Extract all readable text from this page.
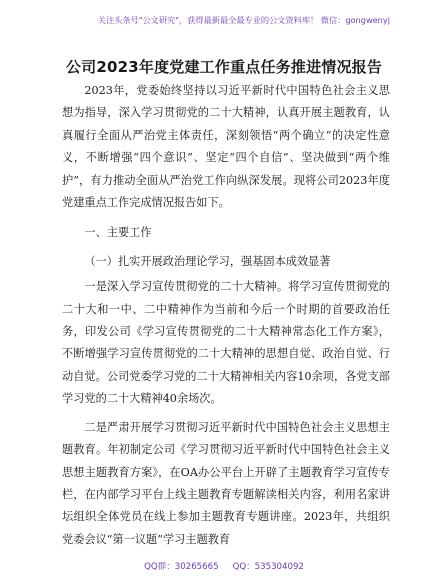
关注头条号"公文研究"，获得最新最全最专业的公文资料库！ 微信：gongwenyj
公司2023年度党建工作重点任务推进情况报告

2023年，党委始终坚持以习近平新时代中国特色社会主义思想为指导，深入学习贯彻党的二十大精神，认真开展主题教育，认真履行全面从严治党主体责任，深刻领悟“两个确立”的决定性意义，不断增强“四个意识”、坚定“四个自信”、坚决做到“两个维护”，有力推动全面从严治党工作向纵深发展。现将公司2023年度党建重点工作完成情况报告如下。

一、主要工作

（一）扎实开展政治理论学习，强基固本成效显著

一是深入学习宣传贯彻党的二十大精神。将学习宣传贯彻党的二十大和一中、二中精神作为当前和今后一个时期的首要政治任务，印发公司《学习宣传贯彻党的二十大精神常态化工作方案》，不断增强学习宣传贯彻党的二十大精神的思想自觉、政治自觉、行动自觉。公司党委学习党的二十大精神相关内容10余项，各党支部学习党的二十大精神40余场次。

二是严肃开展学习贯彻习近平新时代中国特色社会主义思想主题教育。年初制定公司《学习贯彻习近平新时代中国特色社会主义思想主题教育方案》，在OA办公平台上开辟了主题教育学习宣传专栏，在内部学习平台上线主题教育专题解读相关内容，利用名家讲坛组织全体党员在线上参加主题教育专题讲座。2023年，共组织党委会议“第一议题”学习主题教育

QQ群：30265665 QQ：535304092
